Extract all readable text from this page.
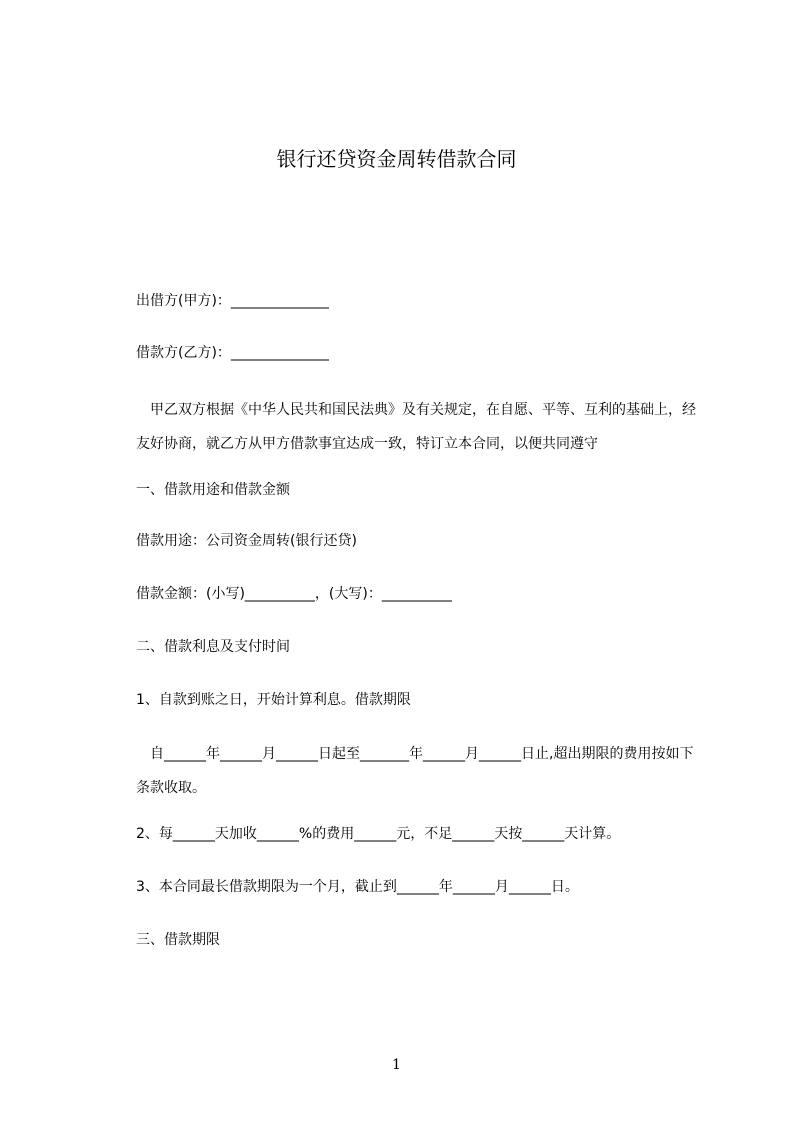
银行还贷资金周转借款合同
出借方(甲方)：______________
借款方(乙方)：______________
　甲乙双方根据《中华人民共和国民法典》及有关规定，在自愿、平等、互利的基础上，经友好协商，就乙方从甲方借款事宜达成一致，特订立本合同，以便共同遵守
一、借款用途和借款金额
借款用途：公司资金周转(银行还贷)
借款金额：(小写)__________，(大写)：__________
二、借款利息及支付时间
1、自款到账之日，开始计算利息。借款期限
　自______年______月______日起至_______年______月______日止,超出期限的费用按如下条款收取。
2、每______天加收______%的费用______元，不足______天按______天计算。
3、本合同最长借款期限为一个月，截止到______年______月______日。
三、借款期限
1
